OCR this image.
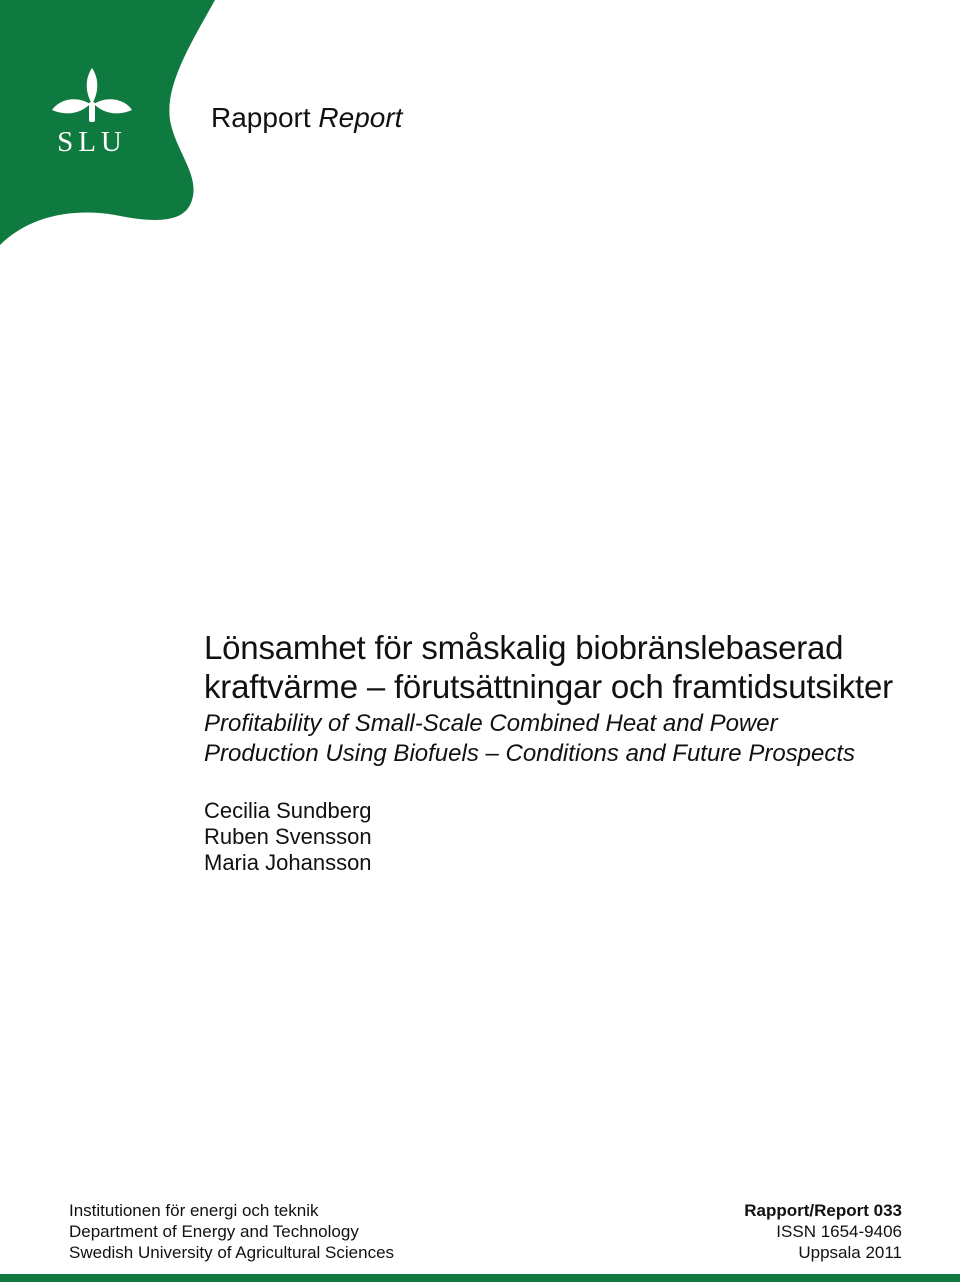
SLU
Rapport Report
Lönsamhet för småskalig biobränslebaserad
kraftvärme – förutsättningar och framtidsutsikter
Profitability of Small-Scale Combined Heat and Power
Production Using Biofuels – Conditions and Future Prospects
Cecilia Sundberg
Ruben Svensson
Maria Johansson
Institutionen för energi och teknik
Department of Energy and Technology
Swedish University of Agricultural Sciences
Rapport/Report 033
ISSN 1654-9406
Uppsala 2011
